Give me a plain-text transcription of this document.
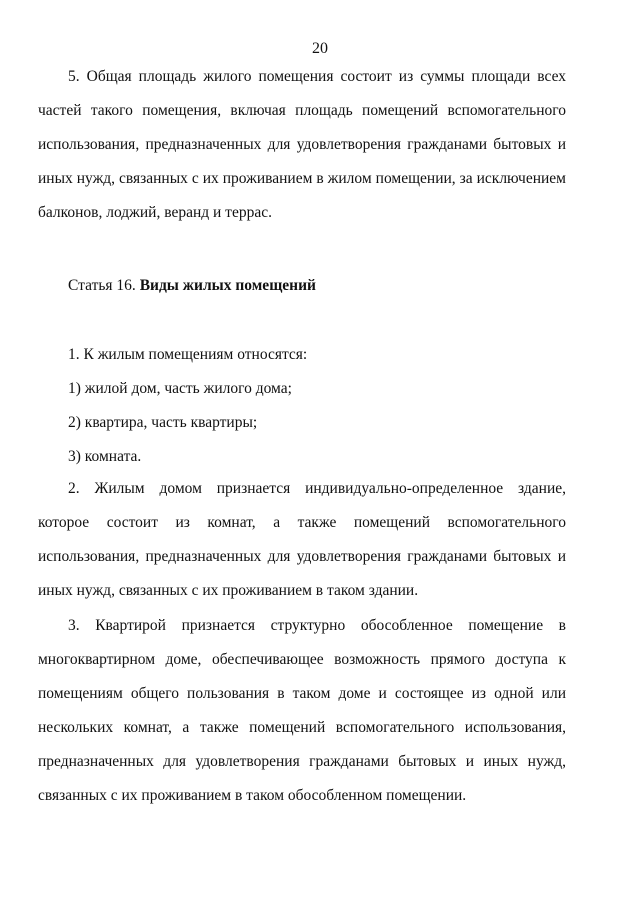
20

5. Общая площадь жилого помещения состоит из суммы площади всех частей такого помещения, включая площадь помещений вспомогательного использования, предназначенных для удовлетворения гражданами бытовых и иных нужд, связанных с их проживанием в жилом помещении, за исключением балконов, лоджий, веранд и террас.

Статья 16. Виды жилых помещений

1. К жилым помещениям относятся:

1) жилой дом, часть жилого дома;

2) квартира, часть квартиры;

3) комната.

2. Жилым домом признается индивидуально-определенное здание, которое состоит из комнат, а также помещений вспомогательного использования, предназначенных для удовлетворения гражданами бытовых и иных нужд, связанных с их проживанием в таком здании.

3. Квартирой признается структурно обособленное помещение в многоквартирном доме, обеспечивающее возможность прямого доступа к помещениям общего пользования в таком доме и состоящее из одной или нескольких комнат, а также помещений вспомогательного использования, предназначенных для удовлетворения гражданами бытовых и иных нужд, связанных с их проживанием в таком обособленном помещении.
